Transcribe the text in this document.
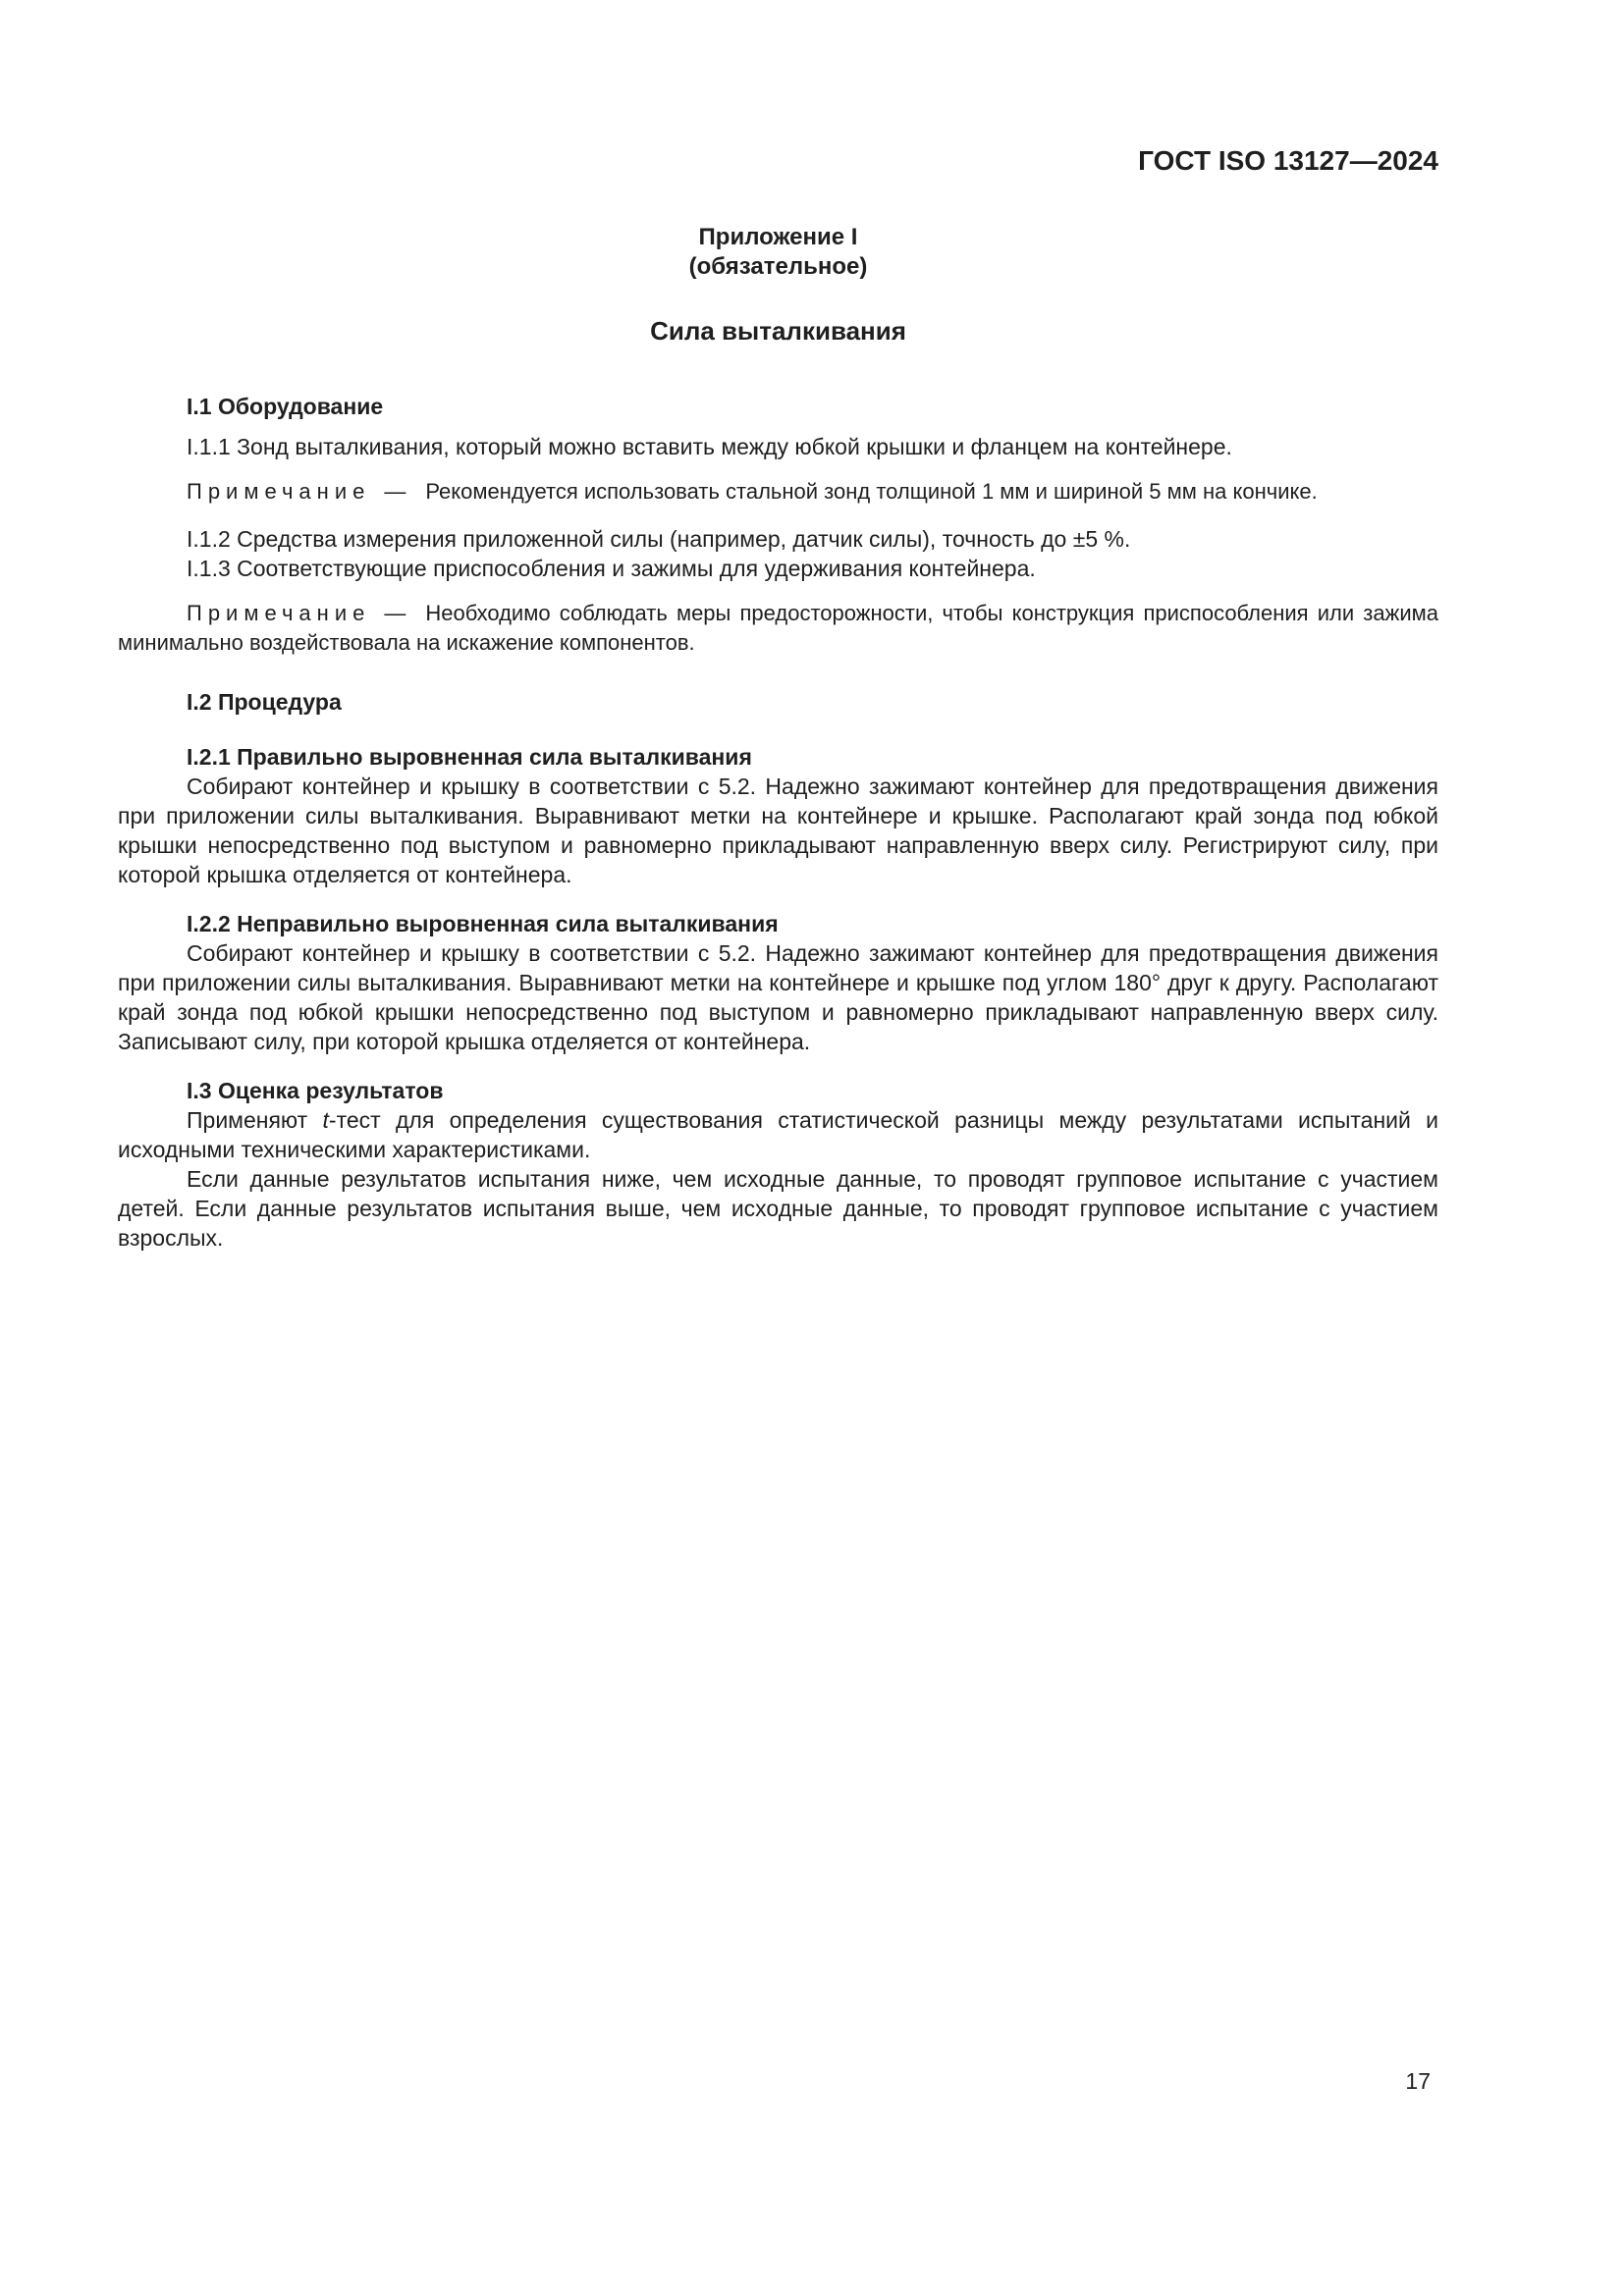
ГОСТ ISO 13127—2024
Приложение I
(обязательное)
Сила выталкивания
I.1 Оборудование

I.1.1 Зонд выталкивания, который можно вставить между юбкой крышки и фланцем на контейнере.

Примечание — Рекомендуется использовать стальной зонд толщиной 1 мм и шириной 5 мм на кончике.

I.1.2 Средства измерения приложенной силы (например, датчик силы), точность до ±5 %.

I.1.3 Соответствующие приспособления и зажимы для удерживания контейнера.

Примечание — Необходимо соблюдать меры предосторожности, чтобы конструкция приспособления или зажима минимально воздействовала на искажение компонентов.

I.2 Процедура
I.2.1 Правильно выровненная сила выталкивания

Собирают контейнер и крышку в соответствии с 5.2. Надежно зажимают контейнер для предотвращения движения при приложении силы выталкивания. Выравнивают метки на контейнере и крышке. Располагают край зонда под юбкой крышки непосредственно под выступом и равномерно прикладывают направленную вверх силу. Регистрируют силу, при которой крышка отделяется от контейнера.

I.2.2 Неправильно выровненная сила выталкивания

Собирают контейнер и крышку в соответствии с 5.2. Надежно зажимают контейнер для предотвращения движения при приложении силы выталкивания. Выравнивают метки на контейнере и крышке под углом 180° друг к другу. Располагают край зонда под юбкой крышки непосредственно под выступом и равномерно прикладывают направленную вверх силу. Записывают силу, при которой крышка отделяется от контейнера.

I.3 Оценка результатов

Применяют t-тест для определения существования статистической разницы между результатами испытаний и исходными техническими характеристиками.

Если данные результатов испытания ниже, чем исходные данные, то проводят групповое испытание с участием детей. Если данные результатов испытания выше, чем исходные данные, то проводят групповое испытание с участием взрослых.

17
